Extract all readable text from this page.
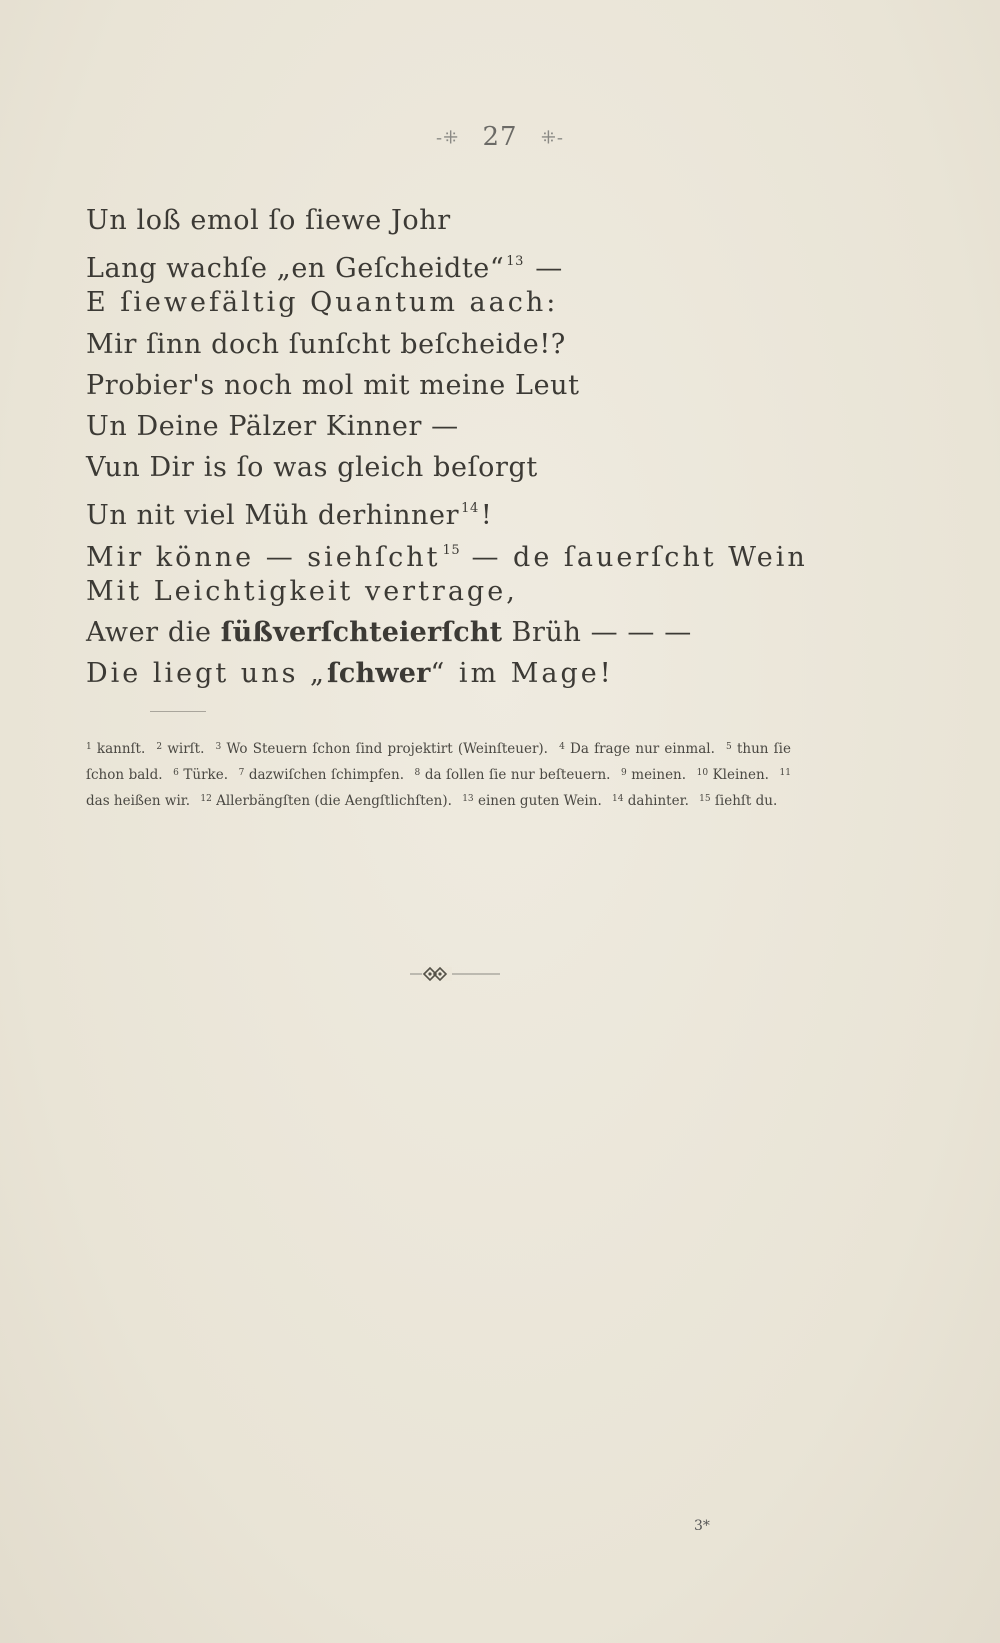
-⁜ 27 ⁜-
Un loß emol ſo ſiewe Johr
Lang wachſe „en Geſcheidte“ $^{13}$ —
E ſiewefältig Quantum aach:
Mir ſinn doch ſunſcht beſcheide!?
Probier's noch mol mit meine Leut
Un Deine Pälzer Kinner —
Vun Dir is ſo was gleich beſorgt
Un nit viel Müh derhinner $^{14}$!
Mir könne — siehſcht $^{15}$ — de ſauerſcht Wein
Mit Leichtigkeit vertrage,
Awer die ſüßverſchteierſcht Brüh — — —
Die liegt uns „ſchwer“ im Mage!
$^1$ kannſt. $^2$ wirſt. $^3$ Wo Steuern ſchon ſind projektirt (Weinſteuer). $^4$ Da frage nur einmal. $^5$ thun ſie ſchon bald. $^6$ Türke. $^7$ dazwiſchen ſchimpfen. $^8$ da ſollen ſie nur beſteuern. $^9$ meinen. $^{10}$ Kleinen. $^{11}$ das heißen wir. $^{12}$ Allerbängſten (die Aengſtlichſten). $^{13}$ einen guten Wein. $^{14}$ dahinter. $^{15}$ ſiehſt du.
3*
